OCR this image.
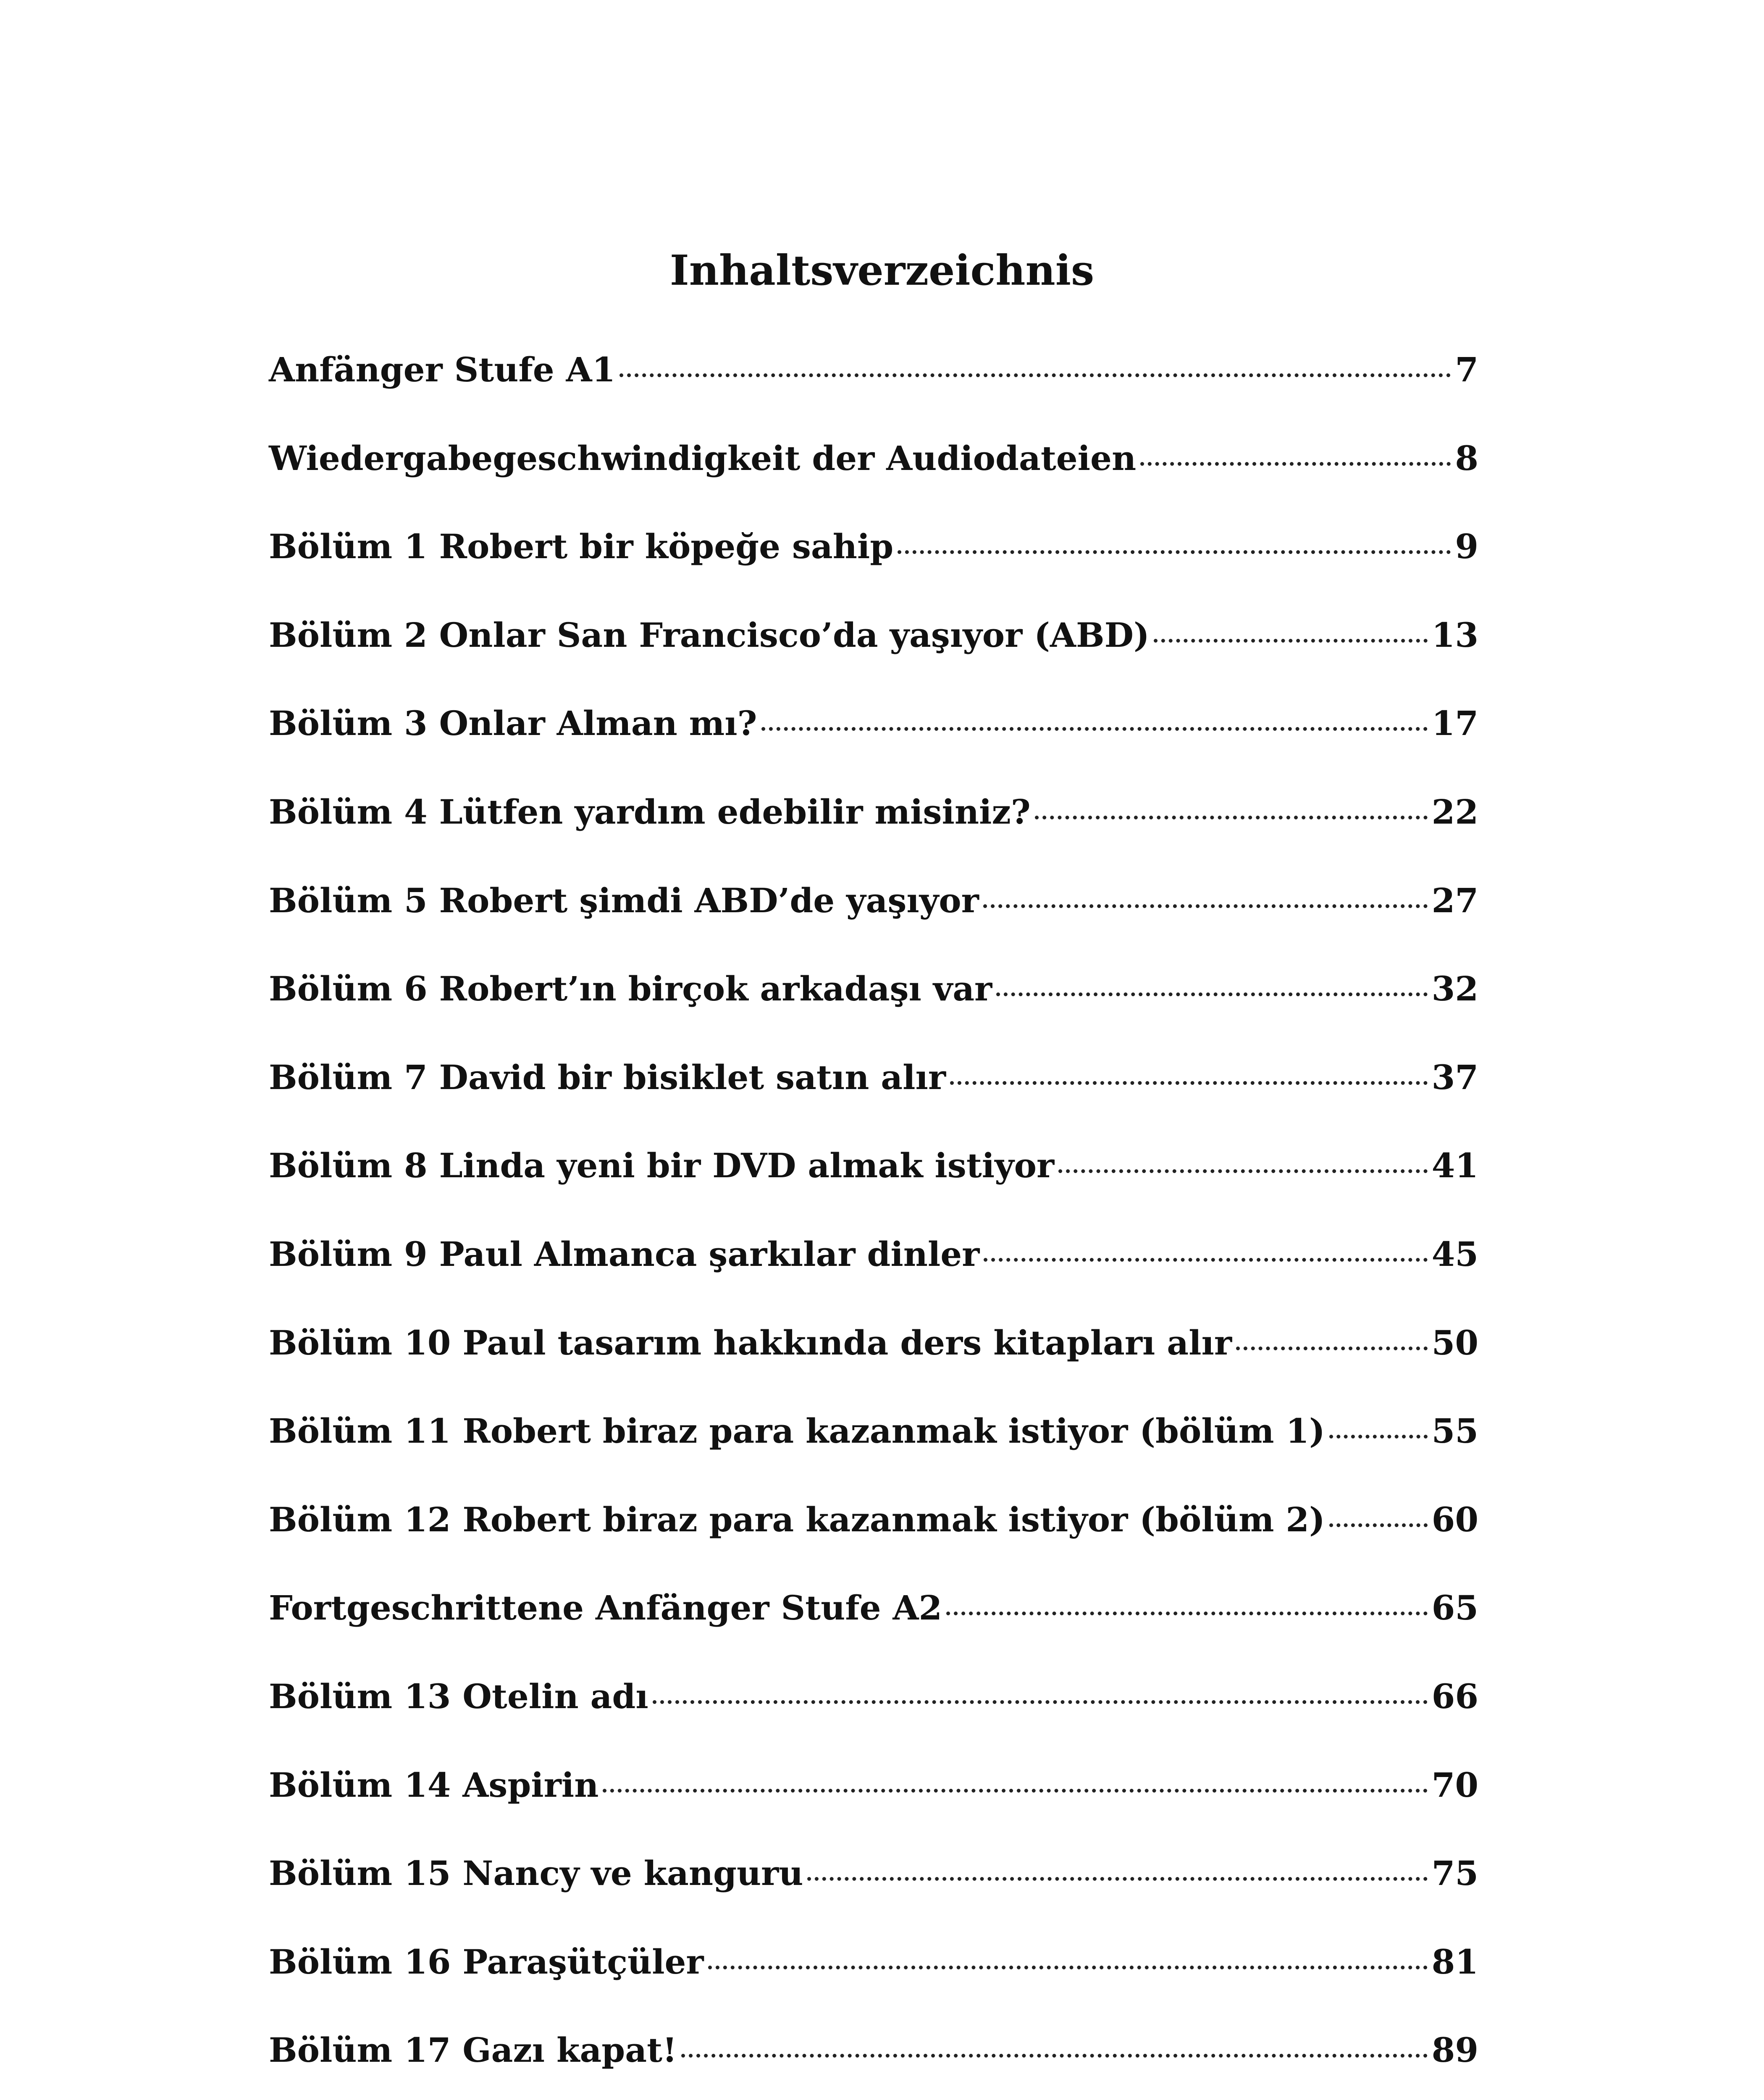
Inhaltsverzeichnis
Anfänger Stufe A1	7
Wiedergabegeschwindigkeit der Audiodateien	8
Bölüm 1 Robert bir köpeğe sahip	9
Bölüm 2 Onlar San Francisco’da yaşıyor (ABD)	13
Bölüm 3 Onlar Alman mı?	17
Bölüm 4 Lütfen yardım edebilir misiniz?	22
Bölüm 5 Robert şimdi ABD’de yaşıyor	27
Bölüm 6 Robert’ın birçok arkadaşı var	32
Bölüm 7 David bir bisiklet satın alır	37
Bölüm 8 Linda yeni bir DVD almak istiyor	41
Bölüm 9 Paul Almanca şarkılar dinler	45
Bölüm 10 Paul tasarım hakkında ders kitapları alır	50
Bölüm 11 Robert biraz para kazanmak istiyor (bölüm 1)	55
Bölüm 12 Robert biraz para kazanmak istiyor (bölüm 2)	60
Fortgeschrittene Anfänger Stufe A2	65
Bölüm 13 Otelin adı	66
Bölüm 14 Aspirin	70
Bölüm 15 Nancy ve kanguru	75
Bölüm 16 Paraşütçüler	81
Bölüm 17 Gazı kapat!	89
